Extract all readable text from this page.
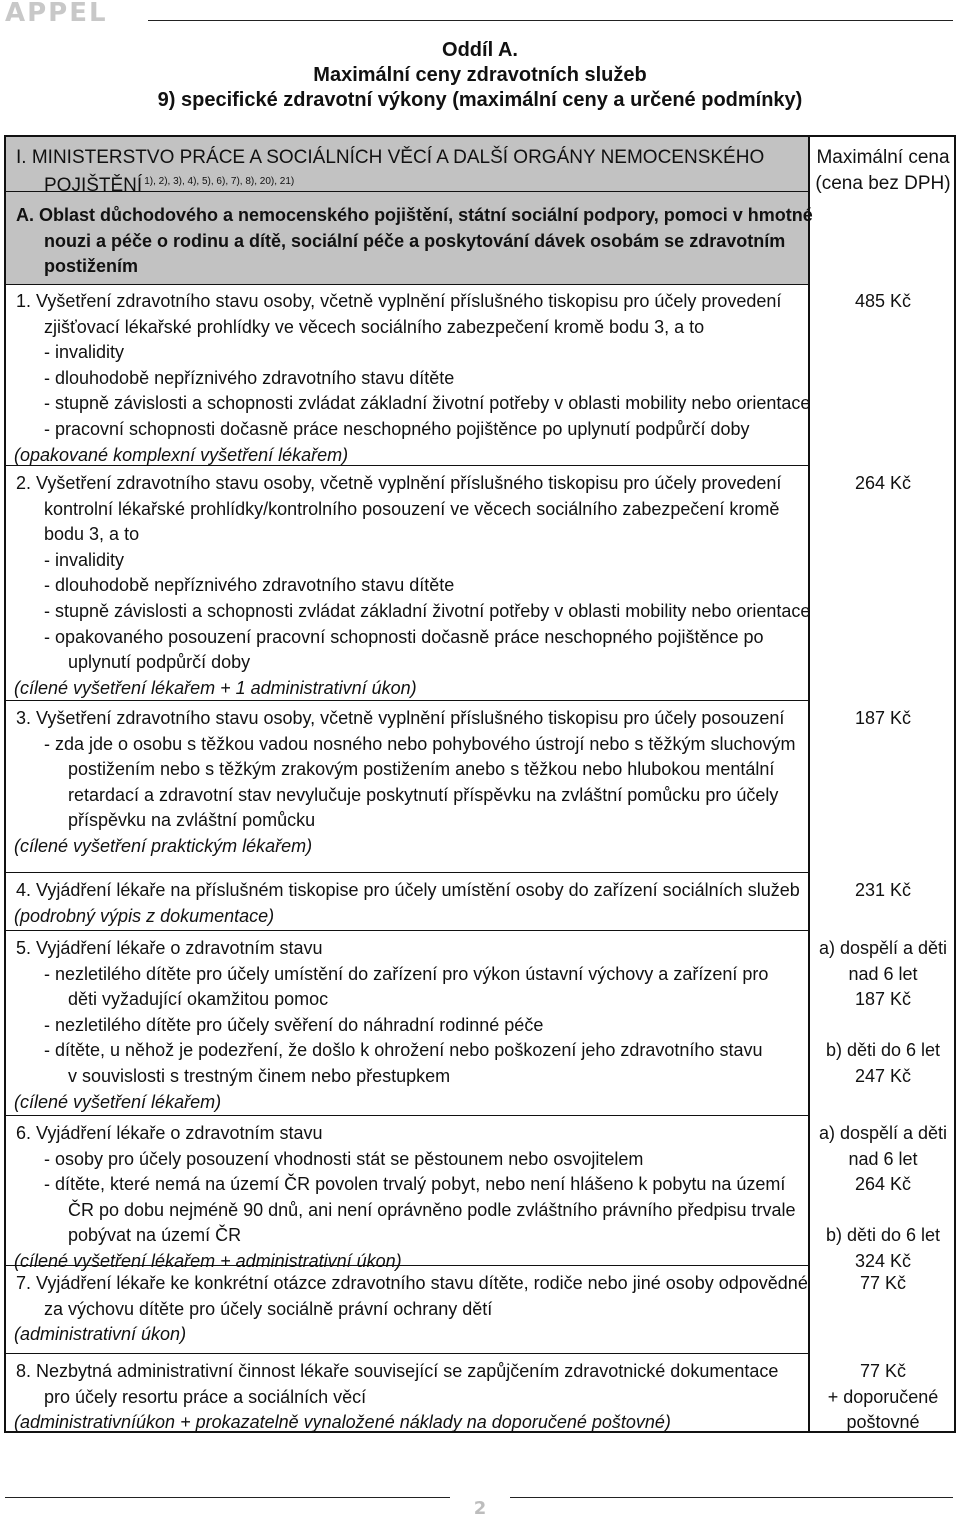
APPEL
Oddíl A.
Maximální ceny zdravotních služeb
9) specifické zdravotní výkony (maximální ceny a určené podmínky)
I. MINISTERSTVO PRÁCE A SOCIÁLNÍCH VĚCÍ A DALŠÍ ORGÁNY NEMOCENSKÉHO
POJIŠTĚNÍ $^{1), 2), 3), 4), 5), 6), 7), 8), 20), 21)}$
Maximální cena
(cena bez DPH)
A. Oblast důchodového a nemocenského pojištění, státní sociální podpory, pomoci v hmotné
nouzi a péče o rodinu a dítě, sociální péče a poskytování dávek osobám se zdravotním
postižením
1. Vyšetření zdravotního stavu osoby, včetně vyplnění příslušného tiskopisu pro účely provedení
zjišťovací lékařské prohlídky ve věcech sociálního zabezpečení kromě bodu 3, a to
- invalidity
- dlouhodobě nepříznivého zdravotního stavu dítěte
- stupně závislosti a schopnosti zvládat základní životní potřeby v oblasti mobility nebo orientace
- pracovní schopnosti dočasně práce neschopného pojištěnce po uplynutí podpůrčí doby
(opakované komplexní vyšetření lékařem)
485 Kč
2. Vyšetření zdravotního stavu osoby, včetně vyplnění příslušného tiskopisu pro účely provedení
kontrolní lékařské prohlídky/kontrolního posouzení ve věcech sociálního zabezpečení kromě
bodu 3, a to
- invalidity
- dlouhodobě nepříznivého zdravotního stavu dítěte
- stupně závislosti a schopnosti zvládat základní životní potřeby v oblasti mobility nebo orientace
- opakovaného posouzení pracovní schopnosti dočasně práce neschopného pojištěnce po
uplynutí podpůrčí doby
(cílené vyšetření lékařem + 1 administrativní úkon)
264 Kč
3. Vyšetření zdravotního stavu osoby, včetně vyplnění příslušného tiskopisu pro účely posouzení
- zda jde o osobu s těžkou vadou nosného nebo pohybového ústrojí nebo s těžkým sluchovým
postižením nebo s těžkým zrakovým postižením anebo s těžkou nebo hlubokou mentální
retardací a zdravotní stav nevylučuje poskytnutí příspěvku na zvláštní pomůcku pro účely
příspěvku na zvláštní pomůcku
(cílené vyšetření praktickým lékařem)
187 Kč
4. Vyjádření lékaře na příslušném tiskopise pro účely umístění osoby do zařízení sociálních služeb
(podrobný výpis z dokumentace)
231 Kč
5. Vyjádření lékaře o zdravotním stavu
- nezletilého dítěte pro účely umístění do zařízení pro výkon ústavní výchovy a zařízení pro
děti vyžadující okamžitou pomoc
- nezletilého dítěte pro účely svěření do náhradní rodinné péče
- dítěte, u něhož je podezření, že došlo k ohrožení nebo poškození jeho zdravotního stavu
v souvislosti s trestným činem nebo přestupkem
(cílené vyšetření lékařem)
a) dospělí a děti
nad 6 let
187 Kč
b) děti do 6 let
247 Kč
6. Vyjádření lékaře o zdravotním stavu
- osoby pro účely posouzení vhodnosti stát se pěstounem nebo osvojitelem
- dítěte, které nemá na území ČR povolen trvalý pobyt, nebo není hlášeno k pobytu na území
ČR po dobu nejméně 90 dnů, ani není oprávněno podle zvláštního právního předpisu trvale
pobývat na území ČR
(cílené vyšetření lékařem + administrativní úkon)
a) dospělí a děti
nad 6 let
264 Kč
b) děti do 6 let
324 Kč
7. Vyjádření lékaře ke konkrétní otázce zdravotního stavu dítěte, rodiče nebo jiné osoby odpovědné
za výchovu dítěte pro účely sociálně právní ochrany dětí
(administrativní úkon)
77 Kč
8. Nezbytná administrativní činnost lékaře související se zapůjčením zdravotnické dokumentace
pro účely resortu práce a sociálních věcí
(administrativníúkon + prokazatelně vynaložené náklady na doporučené poštovné)
77 Kč
+ doporučené
poštovné
2
